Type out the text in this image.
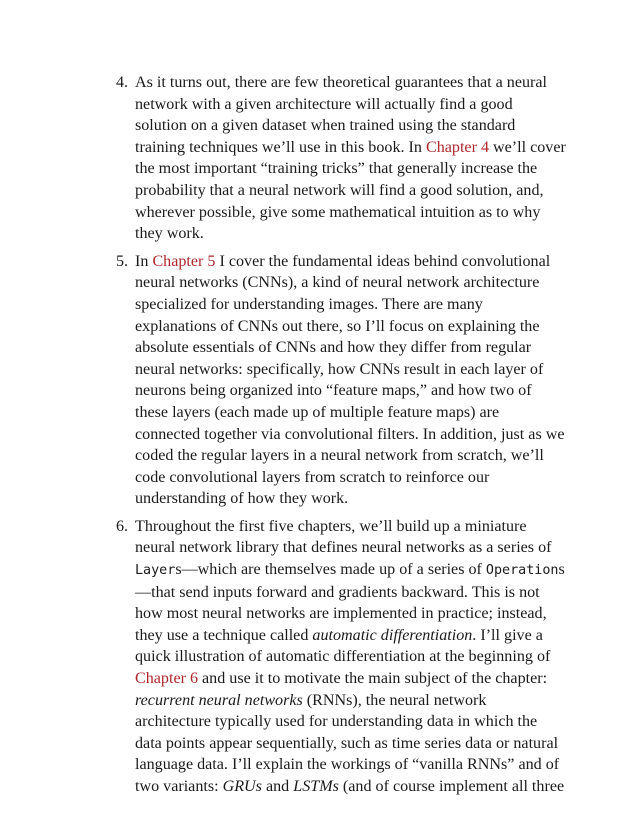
4. As it turns out, there are few theoretical guarantees that a neural network with a given architecture will actually find a good solution on a given dataset when trained using the standard training techniques we’ll use in this book. In Chapter 4 we’ll cover the most important “training tricks” that generally increase the probability that a neural network will find a good solution, and, wherever possible, give some mathematical intuition as to why they work.
5. In Chapter 5 I cover the fundamental ideas behind convolutional neural networks (CNNs), a kind of neural network architecture specialized for understanding images. There are many explanations of CNNs out there, so I’ll focus on explaining the absolute essentials of CNNs and how they differ from regular neural networks: specifically, how CNNs result in each layer of neurons being organized into “feature maps,” and how two of these layers (each made up of multiple feature maps) are connected together via convolutional filters. In addition, just as we coded the regular layers in a neural network from scratch, we’ll code convolutional layers from scratch to reinforce our understanding of how they work.
6. Throughout the first five chapters, we’ll build up a miniature neural network library that defines neural networks as a series of Layers—which are themselves made up of a series of Operations —that send inputs forward and gradients backward. This is not how most neural networks are implemented in practice; instead, they use a technique called automatic differentiation. I’ll give a quick illustration of automatic differentiation at the beginning of Chapter 6 and use it to motivate the main subject of the chapter: recurrent neural networks (RNNs), the neural network architecture typically used for understanding data in which the data points appear sequentially, such as time series data or natural language data. I’ll explain the workings of “vanilla RNNs” and of two variants: GRUs and LSTMs (and of course implement all three
